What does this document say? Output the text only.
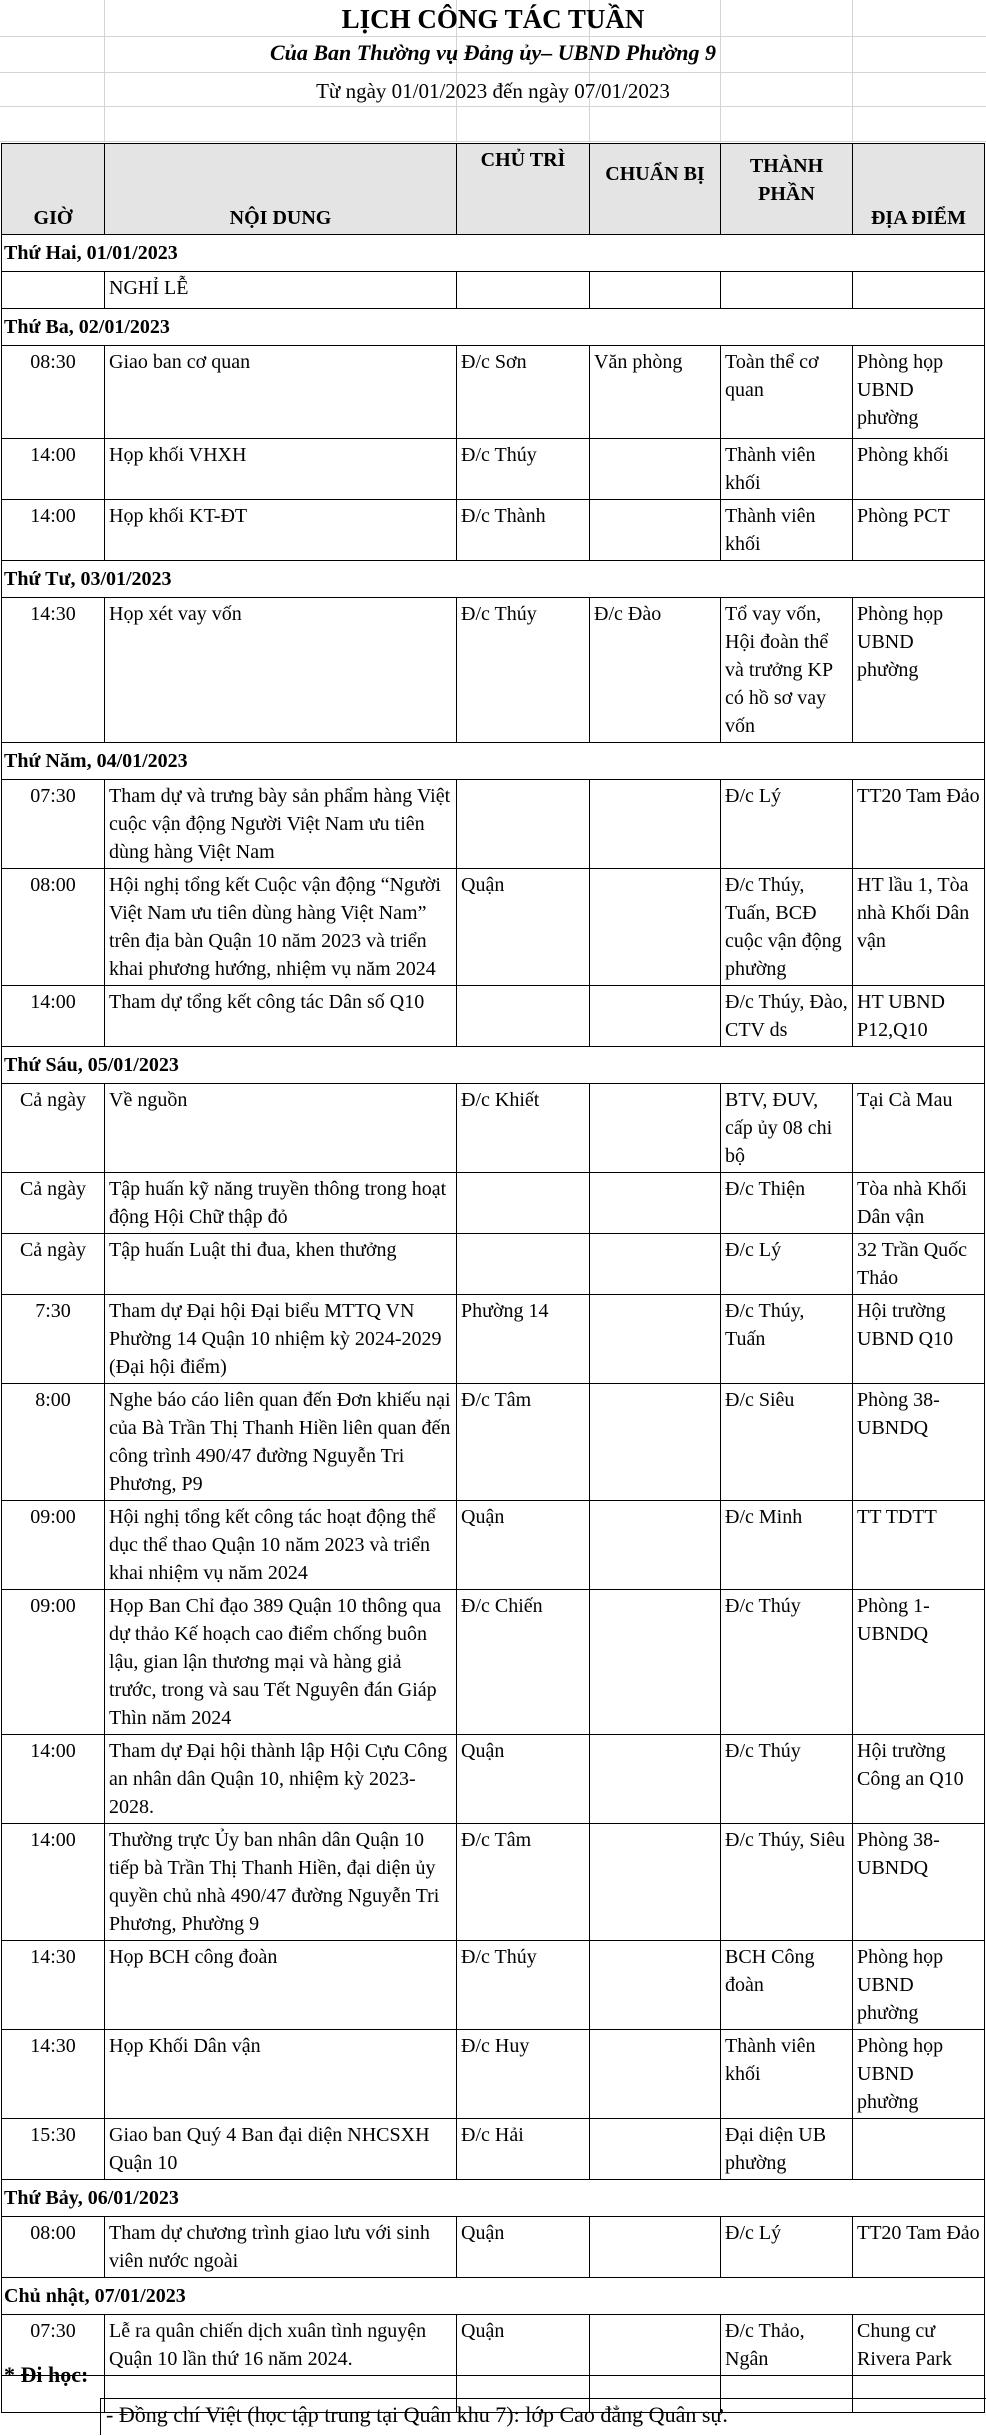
LỊCH CÔNG TÁC TUẦN
Của Ban Thường vụ Đảng ủy– UBND Phường 9
Từ ngày 01/01/2023 đến ngày 07/01/2023
GIỜ	NỘI DUNG	CHỦ TRÌ	CHUẨN BỊ	THÀNH PHẦN	ĐỊA ĐIỂM
Thứ Hai, 01/01/2023					
	NGHỈ LỄ				
Thứ Ba, 02/01/2023					
08:30	Giao ban cơ quan	Đ/c Sơn	Văn phòng	Toàn thể cơ quan	Phòng họp UBND phường
14:00	Họp khối VHXH	Đ/c Thúy		Thành viên khối	Phòng khối
14:00	Họp khối KT-ĐT	Đ/c Thành		Thành viên khối	Phòng PCT
Thứ Tư, 03/01/2023					
14:30	Họp xét vay vốn	Đ/c Thúy	Đ/c Đào	Tổ vay vốn, Hội đoàn thể và trưởng KP có hồ sơ vay vốn	Phòng họp UBND phường
Thứ Năm, 04/01/2023					
07:30	Tham dự và trưng bày sản phẩm hàng Việt cuộc vận động Người Việt Nam ưu tiên dùng hàng Việt Nam			Đ/c Lý	TT20 Tam Đảo
08:00	Hội nghị tổng kết Cuộc vận động “Người Việt Nam ưu tiên dùng hàng Việt Nam” trên địa bàn Quận 10 năm 2023 và triển khai phương hướng, nhiệm vụ năm 2024	Quận		Đ/c Thúy, Tuấn, BCĐ cuộc vận động phường	HT lầu 1, Tòa nhà Khối Dân vận
14:00	Tham dự tổng kết công tác Dân số Q10			Đ/c Thúy, Đào, CTV ds	HT UBND P12,Q10
Thứ Sáu, 05/01/2023					
Cả ngày	Về nguồn	Đ/c Khiết		BTV, ĐUV, cấp ủy 08 chi bộ	Tại Cà Mau
Cả ngày	Tập huấn kỹ năng truyền thông trong hoạt động Hội Chữ thập đỏ			Đ/c Thiện	Tòa nhà Khối Dân vận
Cả ngày	Tập huấn Luật thi đua, khen thưởng			Đ/c Lý	32 Trần Quốc Thảo
7:30	Tham dự Đại hội Đại biểu MTTQ VN Phường 14 Quận 10 nhiệm kỳ 2024-2029 (Đại hội điểm)	Phường 14		Đ/c Thúy, Tuấn	Hội trường UBND Q10
8:00	Nghe báo cáo liên quan đến Đơn khiếu nại của Bà Trần Thị Thanh Hiền liên quan đến công trình 490/47 đường Nguyễn Tri Phương, P9	Đ/c Tâm		Đ/c Siêu	Phòng 38-UBNDQ
09:00	Hội nghị tổng kết công tác hoạt động thể dục thể thao Quận 10 năm 2023 và triển khai nhiệm vụ năm 2024	Quận		Đ/c Minh	TT TDTT
09:00	Họp Ban Chỉ đạo 389 Quận 10 thông qua dự thảo Kế hoạch cao điểm chống buôn lậu, gian lận thương mại và hàng giả trước, trong và sau Tết Nguyên đán Giáp Thìn năm 2024	Đ/c Chiến		Đ/c Thúy	Phòng 1-UBNDQ
14:00	Tham dự Đại hội thành lập Hội Cựu Công an nhân dân Quận 10, nhiệm kỳ 2023-2028.	Quận		Đ/c Thúy	Hội trường Công an Q10
14:00	Thường trực Ủy ban nhân dân Quận 10 tiếp bà Trần Thị Thanh Hiền, đại diện ủy quyền chủ nhà 490/47 đường Nguyễn Tri Phương, Phường 9	Đ/c Tâm		Đ/c Thúy, Siêu	Phòng 38-UBNDQ
14:30	Họp BCH công đoàn	Đ/c Thúy		BCH Công đoàn	Phòng họp UBND phường
14:30	Họp Khối Dân vận	Đ/c Huy		Thành viên khối	Phòng họp UBND phường
15:30	Giao ban Quý 4 Ban đại diện NHCSXH Quận 10	Đ/c Hải		Đại diện UB phường	
Thứ Bảy, 06/01/2023					
08:00	Tham dự chương trình giao lưu với sinh viên nước ngoài	Quận		Đ/c Lý	TT20 Tam Đảo
Chủ nhật, 07/01/2023					
07:30	Lễ ra quân chiến dịch xuân tình nguyện Quận 10 lần thứ 16 năm 2024.	Quận		Đ/c Thảo, Ngân	Chung cư Rivera Park

* Đi học:
- Đồng chí Việt (học tập trung tại Quân khu 7): lớp Cao đẳng Quân sự.
